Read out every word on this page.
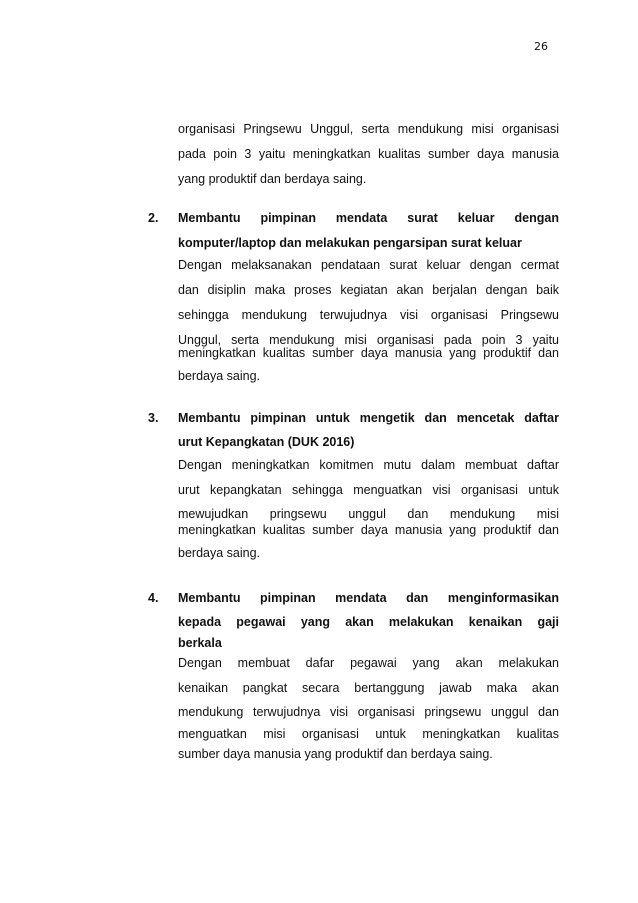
26
organisasi Pringsewu Unggul, serta mendukung misi organisasi
pada poin 3 yaitu meningkatkan kualitas sumber daya manusia
yang produktif dan berdaya saing.
2.	Membantu pimpinan mendata surat keluar dengan
komputer/laptop dan melakukan pengarsipan surat keluar
Dengan melaksanakan pendataan surat keluar dengan cermat
dan disiplin maka proses kegiatan akan berjalan dengan baik
sehingga mendukung terwujudnya visi organisasi Pringsewu
Unggul, serta mendukung misi organisasi pada poin 3 yaitu
meningkatkan kualitas sumber daya manusia yang produktif dan
berdaya saing.
3.	Membantu pimpinan untuk mengetik dan mencetak daftar
urut Kepangkatan (DUK 2016)
Dengan meningkatkan komitmen mutu dalam membuat daftar
urut kepangkatan sehingga menguatkan visi organisasi untuk
mewujudkan pringsewu unggul dan mendukung misi
meningkatkan kualitas sumber daya manusia yang produktif dan
berdaya saing.
4.	Membantu pimpinan mendata dan menginformasikan
kepada pegawai yang akan melakukan kenaikan gaji
berkala
Dengan membuat dafar pegawai yang akan melakukan
kenaikan pangkat secara bertanggung jawab maka akan
mendukung terwujudnya visi organisasi pringsewu unggul dan
menguatkan misi organisasi untuk meningkatkan kualitas
sumber daya manusia yang produktif dan berdaya saing.
